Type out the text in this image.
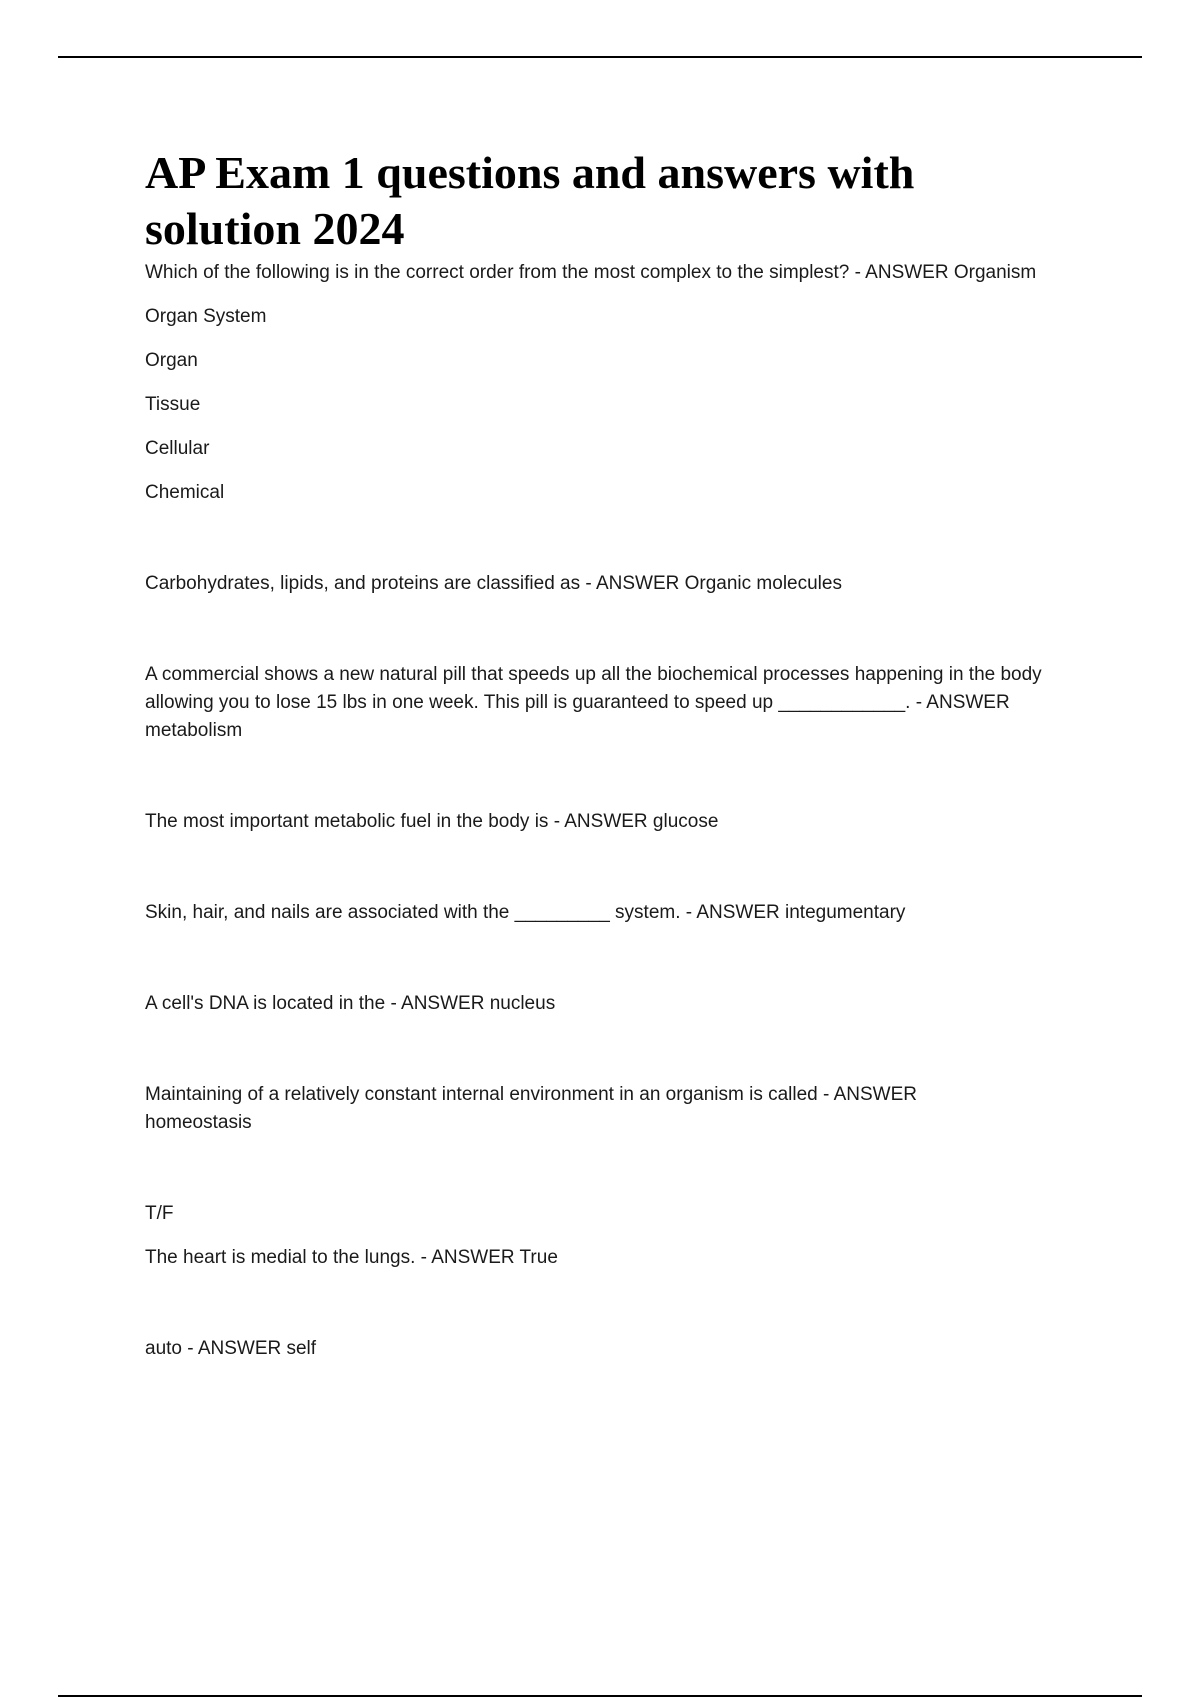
AP Exam 1 questions and answers with solution 2024

Which of the following is in the correct order from the most complex to the simplest? - ANSWER Organism

Organ System

Organ

Tissue

Cellular

Chemical

Carbohydrates, lipids, and proteins are classified as - ANSWER Organic molecules

A commercial shows a new natural pill that speeds up all the biochemical processes happening in the body allowing you to lose 15 lbs in one week. This pill is guaranteed to speed up ____________. - ANSWER metabolism

The most important metabolic fuel in the body is - ANSWER glucose

Skin, hair, and nails are associated with the _________ system. - ANSWER integumentary

A cell's DNA is located in the - ANSWER nucleus

Maintaining of a relatively constant internal environment in an organism is called - ANSWER homeostasis

T/F

The heart is medial to the lungs. - ANSWER True

auto - ANSWER self
